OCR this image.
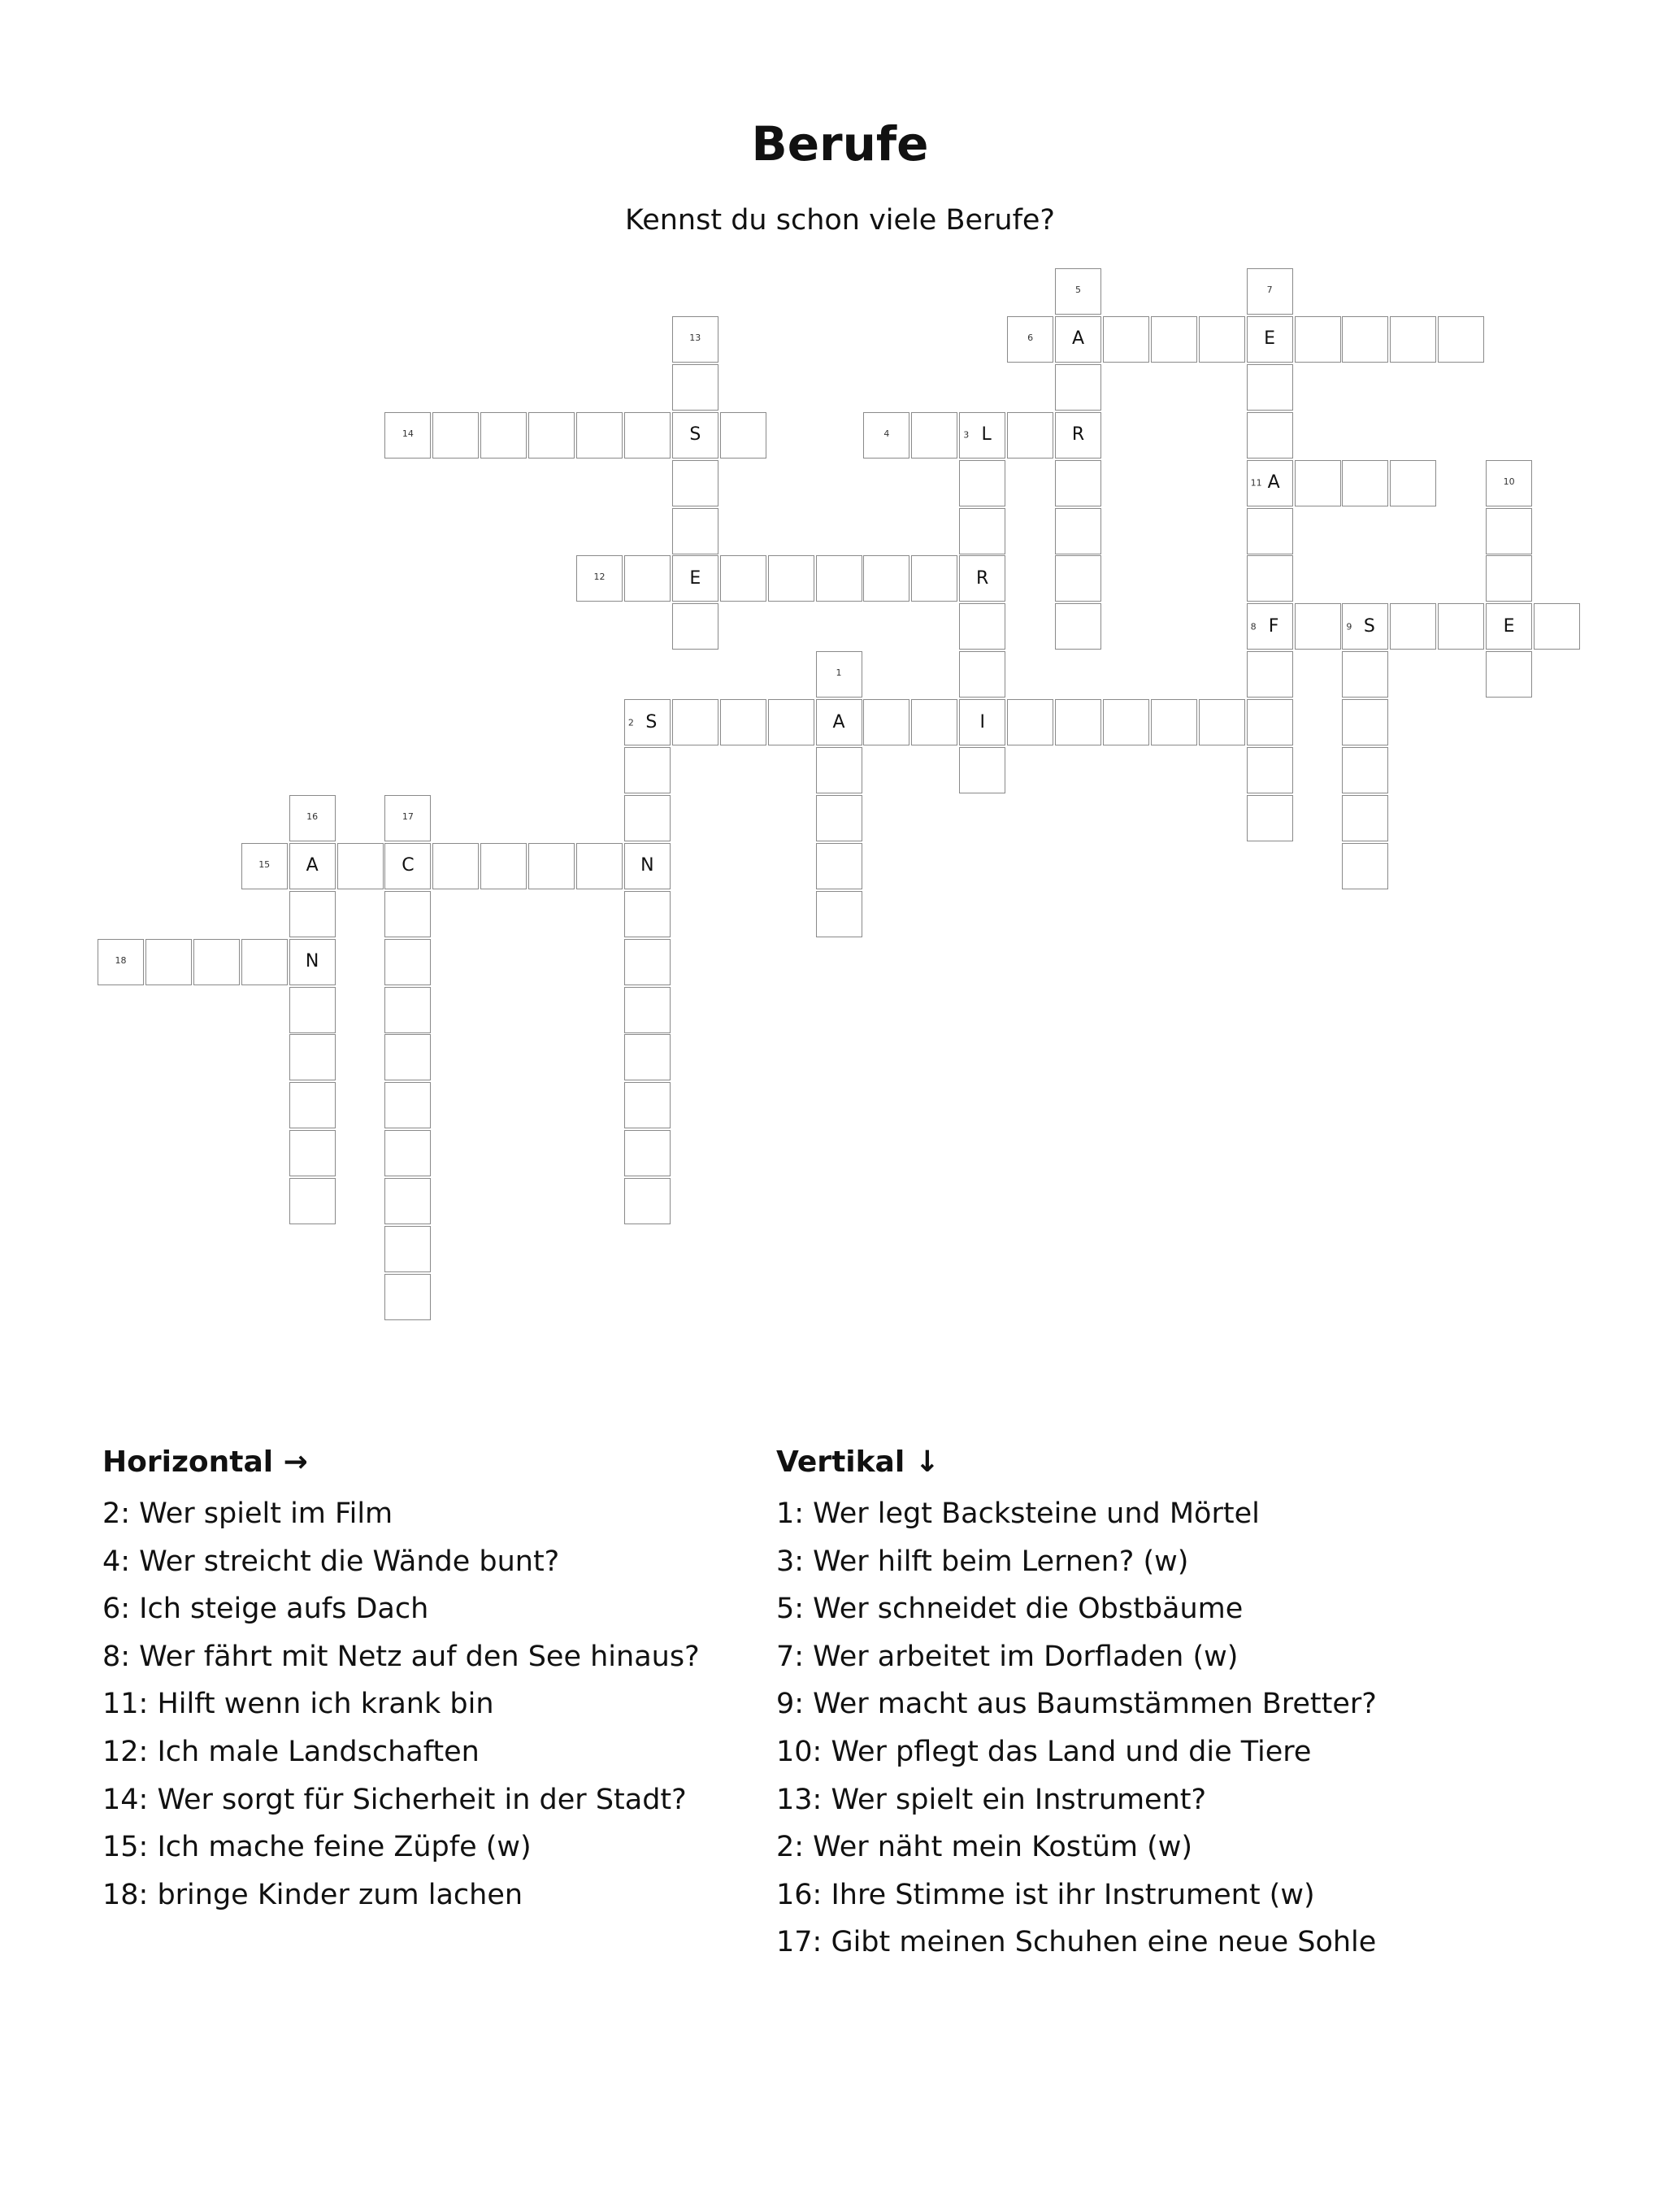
Berufe
Kennst du schon viele Berufe?
5	7
13	6	A	E
14	S	4	3 L	R
11 A	10
12	E	R
8 F	9 S	E
1
2 S	A	I
16	17
15	A	C	N
18	N
Horizontal →
2: Wer spielt im Film
4: Wer streicht die Wände bunt?
6: Ich steige aufs Dach
8: Wer fährt mit Netz auf den See hinaus?
11: Hilft wenn ich krank bin
12: Ich male Landschaften
14: Wer sorgt für Sicherheit in der Stadt?
15: Ich mache feine Züpfe (w)
18: bringe Kinder zum lachen
Vertikal ↓
1: Wer legt Backsteine und Mörtel
3: Wer hilft beim Lernen? (w)
5: Wer schneidet die Obstbäume
7: Wer arbeitet im Dorfladen (w)
9: Wer macht aus Baumstämmen Bretter?
10: Wer pflegt das Land und die Tiere
13: Wer spielt ein Instrument?
2: Wer näht mein Kostüm (w)
16: Ihre Stimme ist ihr Instrument (w)
17: Gibt meinen Schuhen eine neue Sohle
